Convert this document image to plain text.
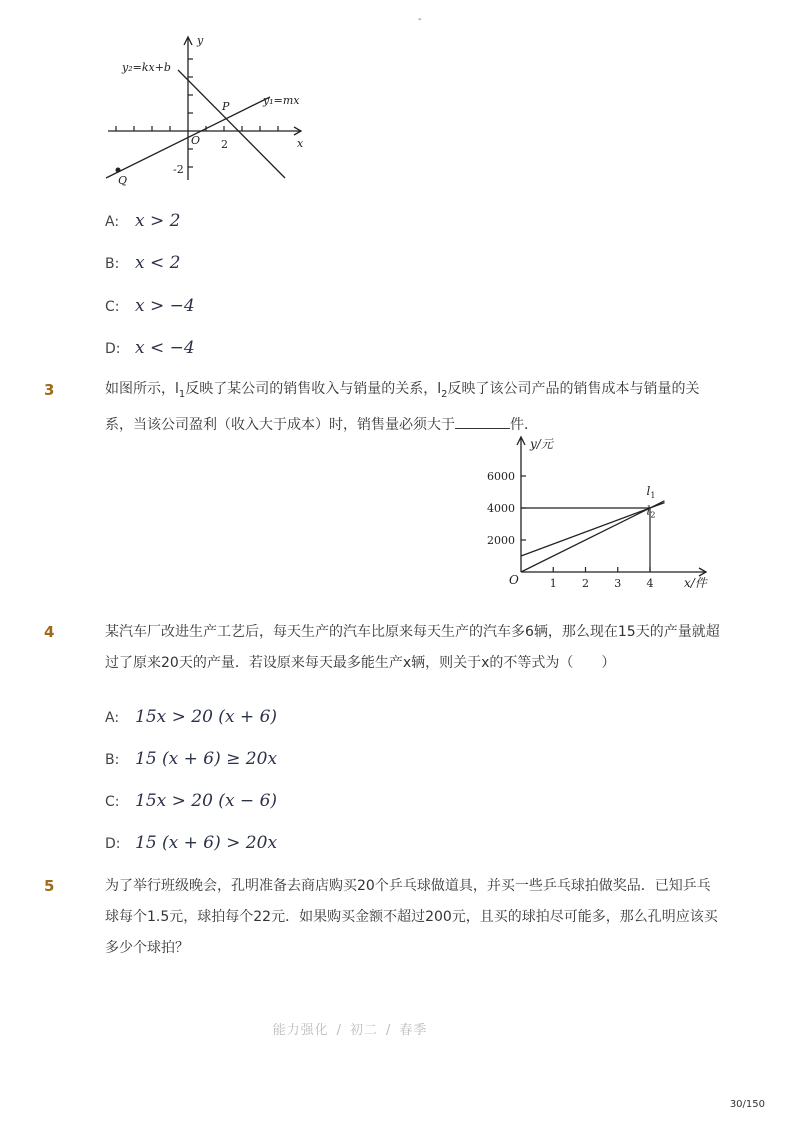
-
y
x
y₂=kx+b
y₁=mx
P
Q
O 2
-2
A: x > 2
B: x < 2
C: x > −4
D: x < −4
3	如图所示，$l_1$反映了某公司的销售收入与销量的关系，$l_2$反映了该公司产品的销售成本与销量的关系，当该公司盈利（收入大于成本）时，销售量必须大于	件．
y/元
x/件
O
2000
4000
6000
1 2 3 4
$l_1$
$l_2$
4	某汽车厂改进生产工艺后，每天生产的汽车比原来每天生产的汽车多6辆，那么现在15天的产量就超过了原来20天的产量．若设原来每天最多能生产x辆，则关于x的不等式为（　　）
A: 15x > 20 (x + 6)
B: 15 (x + 6) ≥ 20x
C: 15x > 20 (x − 6)
D: 15 (x + 6) > 20x
5	为了举行班级晚会，孔明准备去商店购买20个乒乓球做道具，并买一些乒乓球拍做奖品．已知乒乓球每个1.5元，球拍每个22元．如果购买金额不超过200元，且买的球拍尽可能多，那么孔明应该买多少个球拍？
能力强化 / 初二 / 春季
30/150
